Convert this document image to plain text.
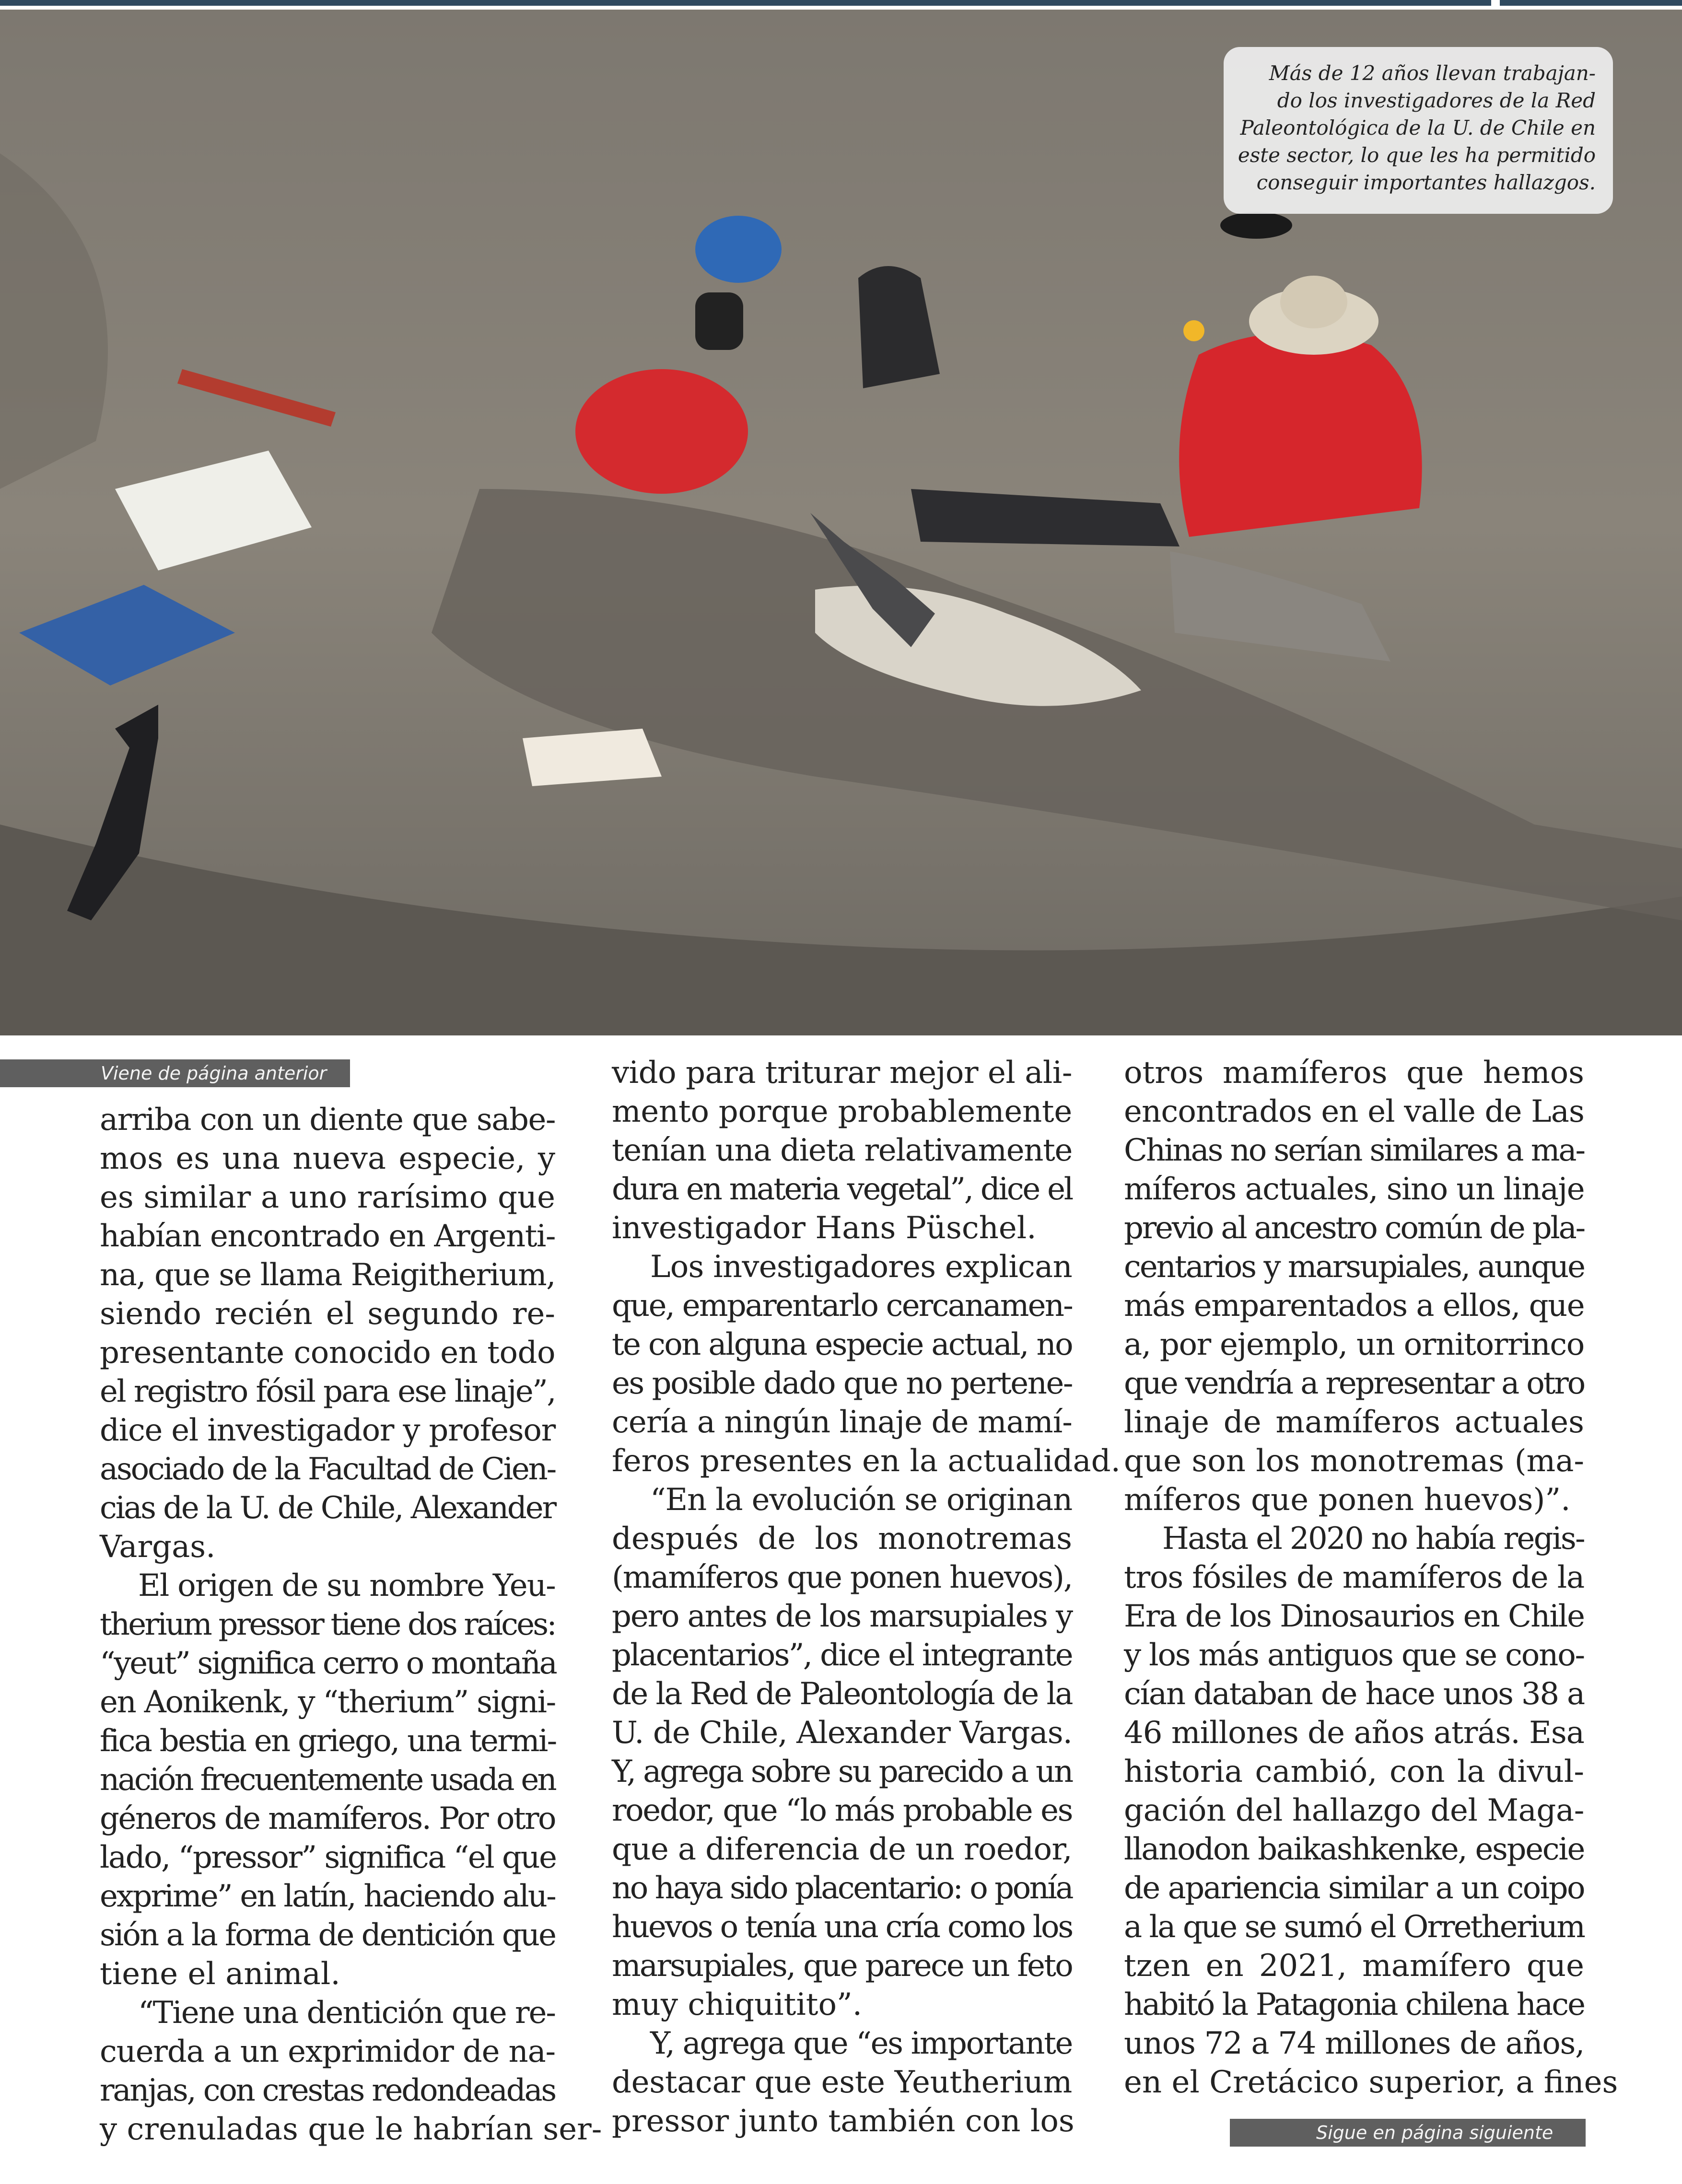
Más de 12 años llevan trabajan-
do los investigadores de la Red
Paleontológica de la U. de Chile en
este sector, lo que les ha permitido
conseguir importantes hallazgos.
Viene de página anterior
Sigue en página siguiente
arriba con un diente que sabe-
mos es una nueva especie, y
es similar a uno rarísimo que
habían encontrado en Argenti-
na, que se llama Reigitherium,
siendo recién el segundo re-
presentante conocido en todo
el registro fósil para ese linaje”,
dice el investigador y profesor
asociado de la Facultad de Cien-
cias de la U. de Chile, Alexander
Vargas.
El origen de su nombre Yeu-
therium pressor tiene dos raíces:
“yeut” significa cerro o montaña
en Aonikenk, y “therium” signi-
fica bestia en griego, una termi-
nación frecuentemente usada en
géneros de mamíferos. Por otro
lado, “pressor” significa “el que
exprime” en latín, haciendo alu-
sión a la forma de dentición que
tiene el animal.
“Tiene una dentición que re-
cuerda a un exprimidor de na-
ranjas, con crestas redondeadas
y crenuladas que le habrían ser-
vido para triturar mejor el ali-
mento porque probablemente
tenían una dieta relativamente
dura en materia vegetal”, dice el
investigador Hans Püschel.
Los investigadores explican
que, emparentarlo cercanamen-
te con alguna especie actual, no
es posible dado que no pertene-
cería a ningún linaje de mamí-
feros presentes en la actualidad.
“En la evolución se originan
después de los monotremas
(mamíferos que ponen huevos),
pero antes de los marsupiales y
placentarios”, dice el integrante
de la Red de Paleontología de la
U. de Chile, Alexander Vargas.
Y, agrega sobre su parecido a un
roedor, que “lo más probable es
que a diferencia de un roedor,
no haya sido placentario: o ponía
huevos o tenía una cría como los
marsupiales, que parece un feto
muy chiquitito”.
Y, agrega que “es importante
destacar que este Yeutherium
pressor junto también con los
otros mamíferos que hemos
encontrados en el valle de Las
Chinas no serían similares a ma-
míferos actuales, sino un linaje
previo al ancestro común de pla-
centarios y marsupiales, aunque
más emparentados a ellos, que
a, por ejemplo, un ornitorrinco
que vendría a representar a otro
linaje de mamíferos actuales
que son los monotremas (ma-
míferos que ponen huevos)”.
Hasta el 2020 no había regis-
tros fósiles de mamíferos de la
Era de los Dinosaurios en Chile
y los más antiguos que se cono-
cían databan de hace unos 38 a
46 millones de años atrás. Esa
historia cambió, con la divul-
gación del hallazgo del Maga-
llanodon baikashkenke, especie
de apariencia similar a un coipo
a la que se sumó el Orretherium
tzen en 2021, mamífero que
habitó la Patagonia chilena hace
unos 72 a 74 millones de años,
en el Cretácico superior, a fines
